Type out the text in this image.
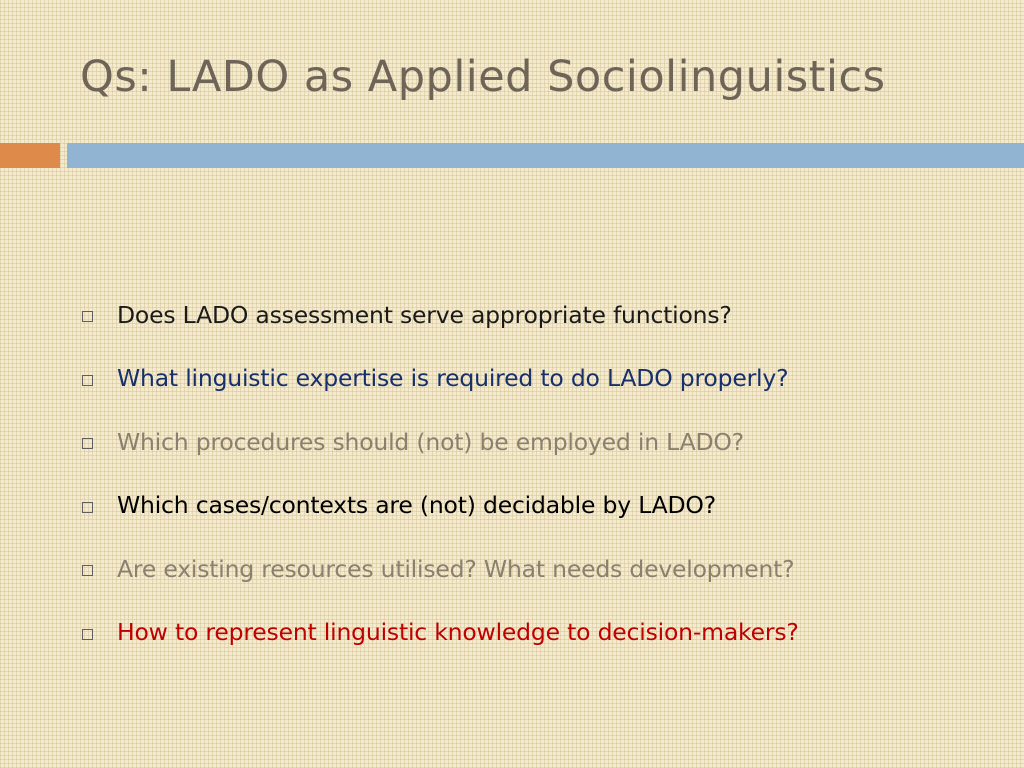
Qs: LADO as Applied Sociolinguistics
Does LADO assessment serve appropriate functions?
What linguistic expertise is required to do LADO properly?
Which procedures should (not) be employed in LADO?
Which cases/contexts are (not) decidable by LADO?
Are existing resources utilised? What needs development?
How to represent linguistic knowledge to decision-makers?
